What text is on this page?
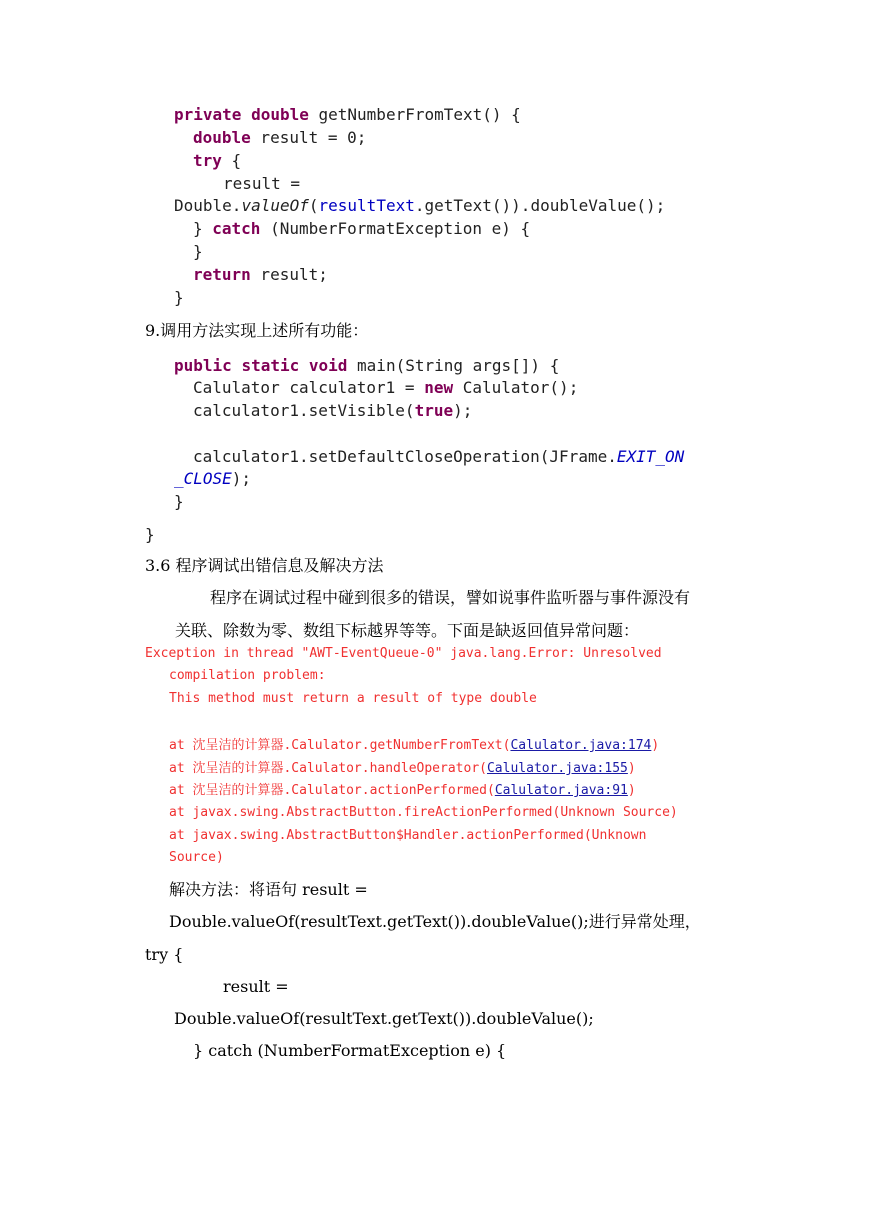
private double getNumberFromText() {
double result = 0;
try {
result =
Double.valueOf(resultText.getText()).doubleValue();
} catch (NumberFormatException e) {
}
return result;
}
9.调用方法实现上述所有功能：
public static void main(String args[]) {
Calulator calculator1 = new Calulator();
calculator1.setVisible(true);
calculator1.setDefaultCloseOperation(JFrame.EXIT_ON
_CLOSE);
}
}
3.6 程序调试出错信息及解决方法
程序在调试过程中碰到很多的错误，譬如说事件监听器与事件源没有
关联、除数为零、数组下标越界等等。下面是缺返回值异常问题：
Exception in thread "AWT-EventQueue-0" java.lang.Error: Unresolved
compilation problem:
This method must return a result of type double
at 沈呈洁的计算器.Calulator.getNumberFromText(Calulator.java:174)
at 沈呈洁的计算器.Calulator.handleOperator(Calulator.java:155)
at 沈呈洁的计算器.Calulator.actionPerformed(Calulator.java:91)
at javax.swing.AbstractButton.fireActionPerformed(Unknown Source)
at javax.swing.AbstractButton$Handler.actionPerformed(Unknown
Source)
解决方法：将语句 result =
Double.valueOf(resultText.getText()).doubleValue();进行异常处理，
try {
result =
Double.valueOf(resultText.getText()).doubleValue();
} catch (NumberFormatException e) {
